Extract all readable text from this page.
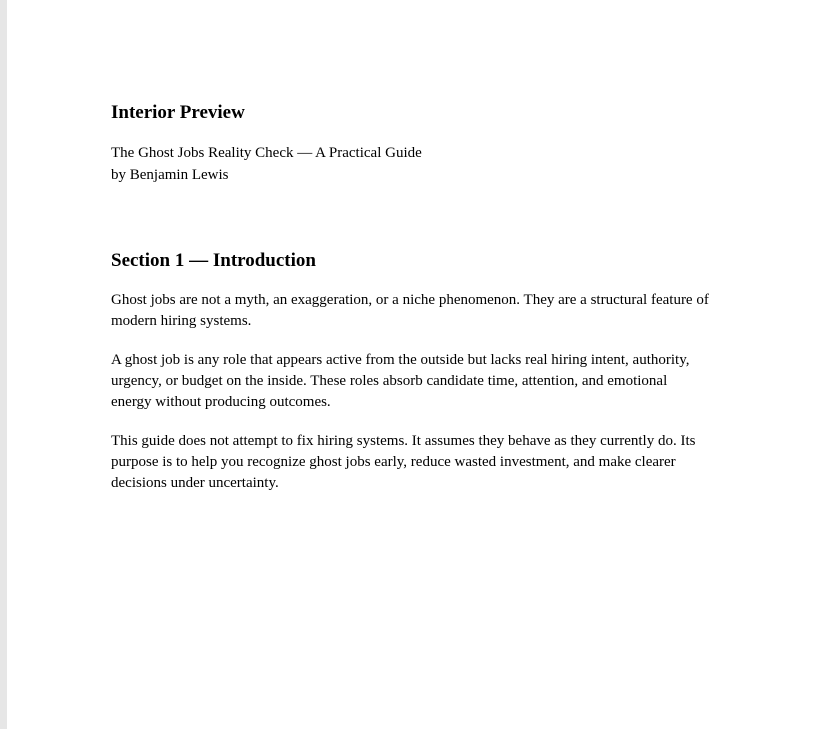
Interior Preview

The Ghost Jobs Reality Check — A Practical Guide

by Benjamin Lewis

Section 1 — Introduction

Ghost jobs are not a myth, an exaggeration, or a niche phenomenon. They are a structural feature of modern hiring systems.

A ghost job is any role that appears active from the outside but lacks real hiring intent, authority, urgency, or budget on the inside. These roles absorb candidate time, attention, and emotional energy without producing outcomes.

This guide does not attempt to fix hiring systems. It assumes they behave as they currently do. Its purpose is to help you recognize ghost jobs early, reduce wasted investment, and make clearer decisions under uncertainty.
